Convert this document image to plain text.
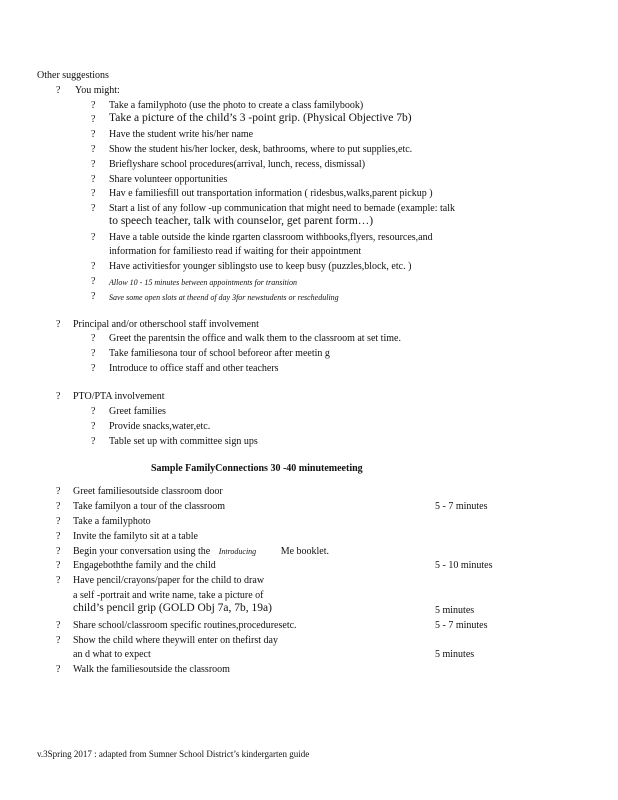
Other suggestions
? You might:
? Take a familyphoto (use the photo to create a class familybook)
? Take a picture of the child’s 3 -point grip. (Physical Objective 7b)
? Have the student write his/her name
? Show the student his/her locker, desk, bathrooms, where to put supplies,etc.
? Brieflyshare school procedures(arrival, lunch, recess, dismissal)
? Share volunteer opportunities
? Hav e familiesfill out transportation information ( ridesbus,walks,parent pickup )
? Start a list of any follow -up communication that might need to bemade (example: talk
to speech teacher, talk with counselor, get parent form…)
? Have a table outside the kinde rgarten classroom withbooks,flyers, resources,and
information for familiesto read if waiting for their appointment
? Have activitiesfor younger siblingsto use to keep busy (puzzles,block, etc. )
? Allow 10 - 15 minutes between appointments for transition
? Save some open slots at theend of day 3for newstudents or rescheduling
? Principal and/or otherschool staff involvement
? Greet the parentsin the office and walk them to the classroom at set time.
? Take familiesona tour of school beforeor after meetin g
? Introduce to office staff and other teachers
? PTO/PTA involvement
? Greet families
? Provide snacks,water,etc.
? Table set up with committee sign ups
Sample FamilyConnections 30 -40 minutemeeting
? Greet familiesoutside classroom door
? Take familyon a tour of the classroom	5 - 7 minutes
? Take a familyphoto
? Invite the familyto sit at a table
? Begin your conversation using the Introducing Me booklet.
? Engageboththe family and the child	5 - 10 minutes
? Have pencil/crayons/paper for the child to draw
a self -portrait and write name, take a picture of
child’s pencil grip (GOLD Obj 7a, 7b, 19a)	5 minutes
? Share school/classroom specific routines,proceduresetc.	5 - 7 minutes
? Show the child where theywill enter on thefirst day
an d what to expect	5 minutes
? Walk the familiesoutside the classroom
v.3Spring 2017 : adapted from Sumner School District’s kindergarten guide
